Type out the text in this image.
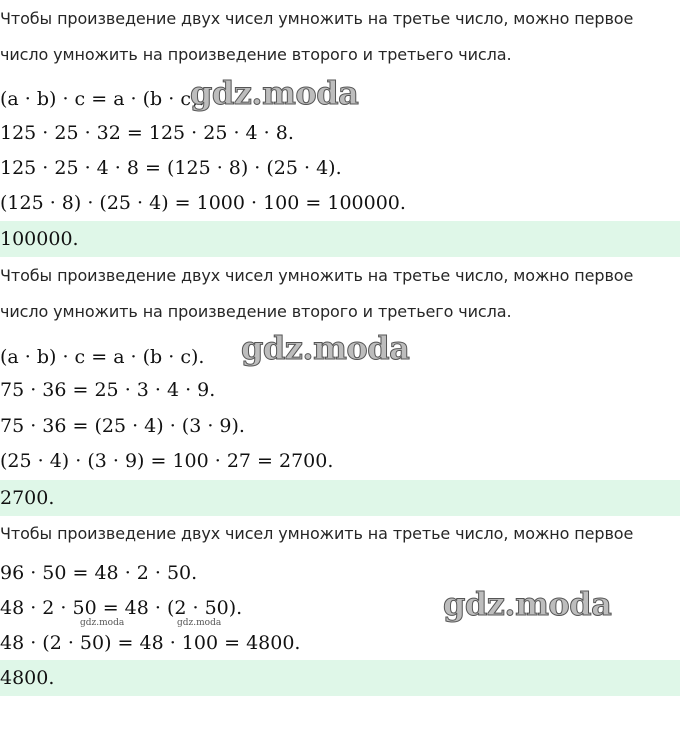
Чтобы произведение двух чисел умножить на третье число, можно первое
число умножить на произведение второго и третьего числа.
(a · b) · c = a · (b · c).
gdz.moda
125 · 25 · 32 = 125 · 25 · 4 · 8.
125 · 25 · 4 · 8 = (125 · 8) · (25 · 4).
(125 · 8) · (25 · 4) = 1000 · 100 = 100000.
100000.
Чтобы произведение двух чисел умножить на третье число, можно первое
число умножить на произведение второго и третьего числа.
(a · b) · c = a · (b · c).	gdz.moda
75 · 36 = 25 · 3 · 4 · 9.
75 · 36 = (25 · 4) · (3 · 9).
(25 · 4) · (3 · 9) = 100 · 27 = 2700.
2700.
Чтобы произведение двух чисел умножить на третье число, можно первое
96 · 50 = 48 · 2 · 50.
48 · 2 · 50 = 48 · (2 · 50).
gdz.moda	gdz.moda	gdz.moda
48 · (2 · 50) = 48 · 100 = 4800.
4800.
